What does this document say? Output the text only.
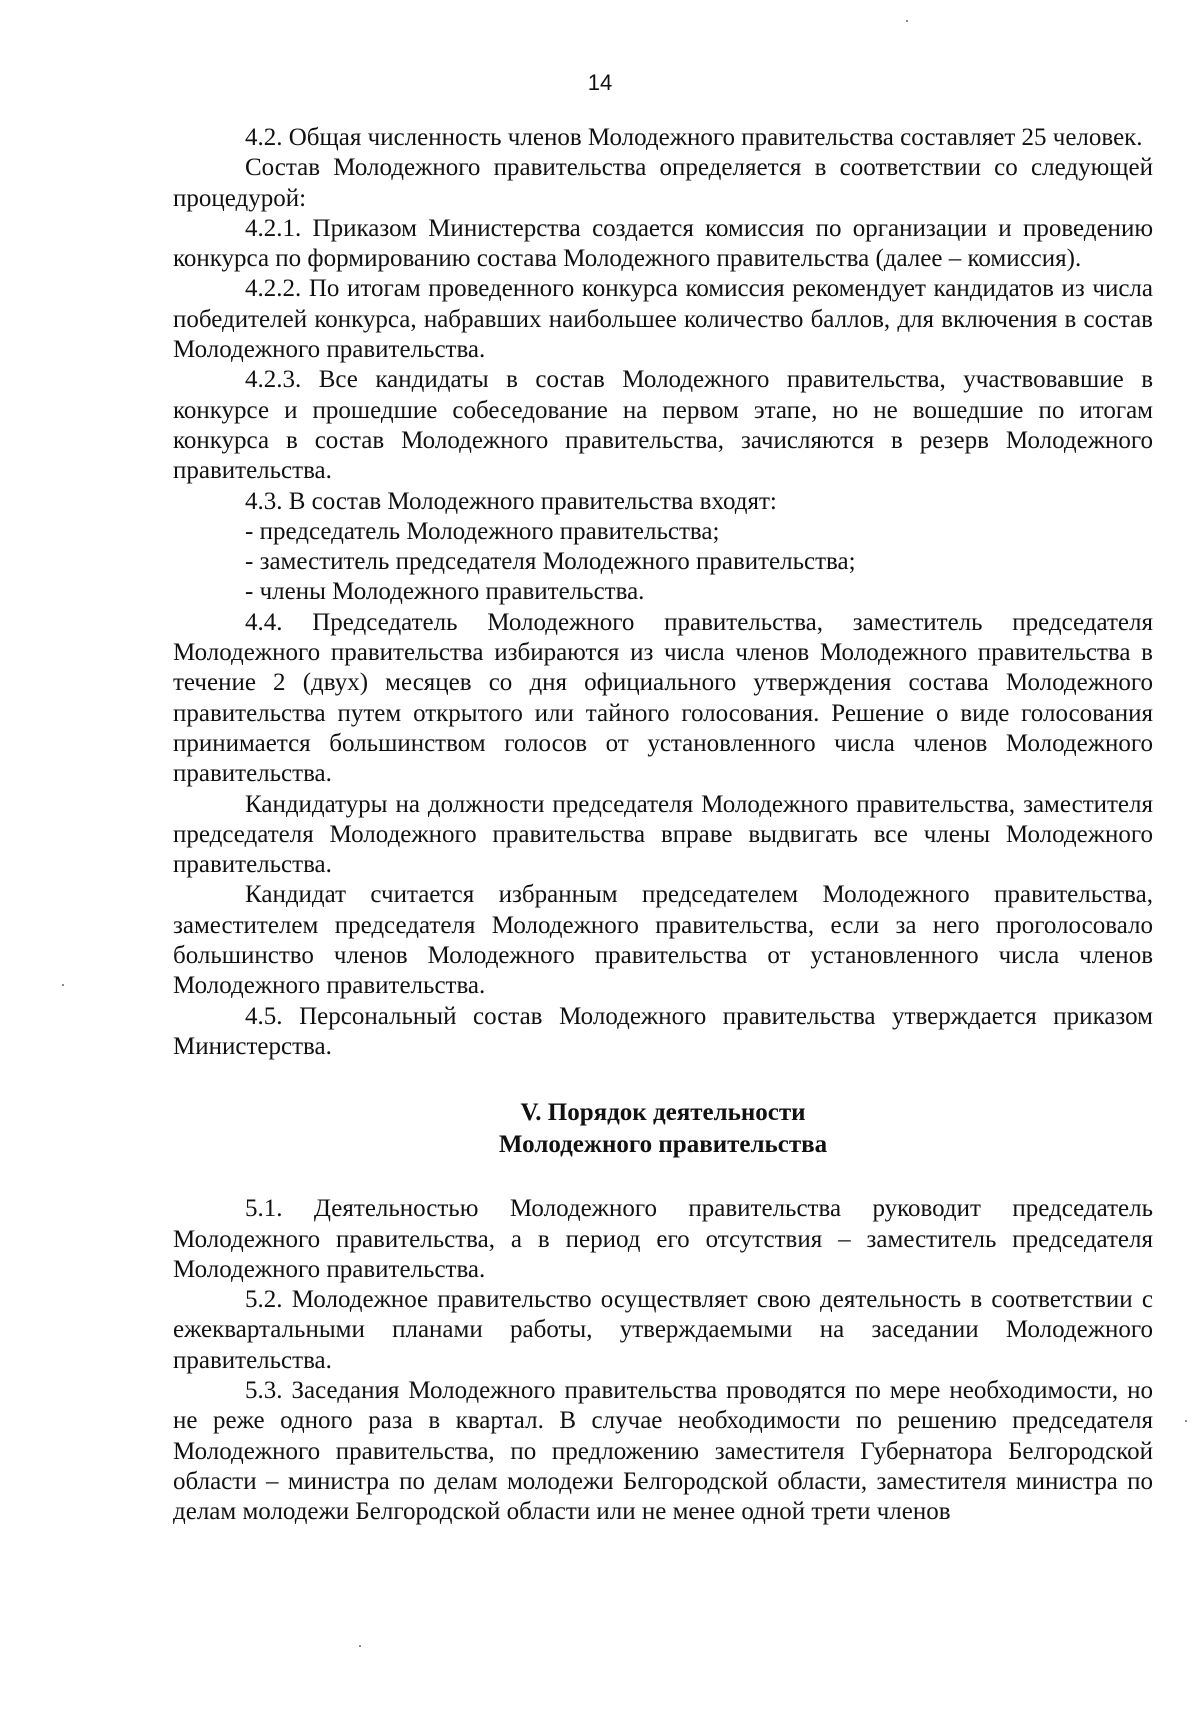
14

4.2. Общая численность членов Молодежного правительства составляет 25 человек.

Состав Молодежного правительства определяется в соответствии со следующей процедурой:

4.2.1. Приказом Министерства создается комиссия по организации и проведению конкурса по формированию состава Молодежного правительства (далее – комиссия).

4.2.2. По итогам проведенного конкурса комиссия рекомендует кандидатов из числа победителей конкурса, набравших наибольшее количество баллов, для включения в состав Молодежного правительства.

4.2.3. Все кандидаты в состав Молодежного правительства, участвовавшие в конкурсе и прошедшие собеседование на первом этапе, но не вошедшие по итогам конкурса в состав Молодежного правительства, зачисляются в резерв Молодежного правительства.

4.3. В состав Молодежного правительства входят:

- председатель Молодежного правительства;

- заместитель председателя Молодежного правительства;

- члены Молодежного правительства.

4.4. Председатель Молодежного правительства, заместитель председателя Молодежного правительства избираются из числа членов Молодежного правительства в течение 2 (двух) месяцев со дня официального утверждения состава Молодежного правительства путем открытого или тайного голосования. Решение о виде голосования принимается большинством голосов от установленного числа членов Молодежного правительства.

Кандидатуры на должности председателя Молодежного правительства, заместителя председателя Молодежного правительства вправе выдвигать все члены Молодежного правительства.

Кандидат считается избранным председателем Молодежного правительства, заместителем председателя Молодежного правительства, если за него проголосовало большинство членов Молодежного правительства от установленного числа членов Молодежного правительства.

4.5. Персональный состав Молодежного правительства утверждается приказом Министерства.

V. Порядок деятельности
Молодежного правительства

5.1. Деятельностью Молодежного правительства руководит председатель Молодежного правительства, а в период его отсутствия – заместитель председателя Молодежного правительства.

5.2. Молодежное правительство осуществляет свою деятельность в соответствии с ежеквартальными планами работы, утверждаемыми на заседании Молодежного правительства.

5.3. Заседания Молодежного правительства проводятся по мере необходимости, но не реже одного раза в квартал. В случае необходимости по решению председателя Молодежного правительства, по предложению заместителя Губернатора Белгородской области – министра по делам молодежи Белгородской области, заместителя министра по делам молодежи Белгородской области или не менее одной трети членов
